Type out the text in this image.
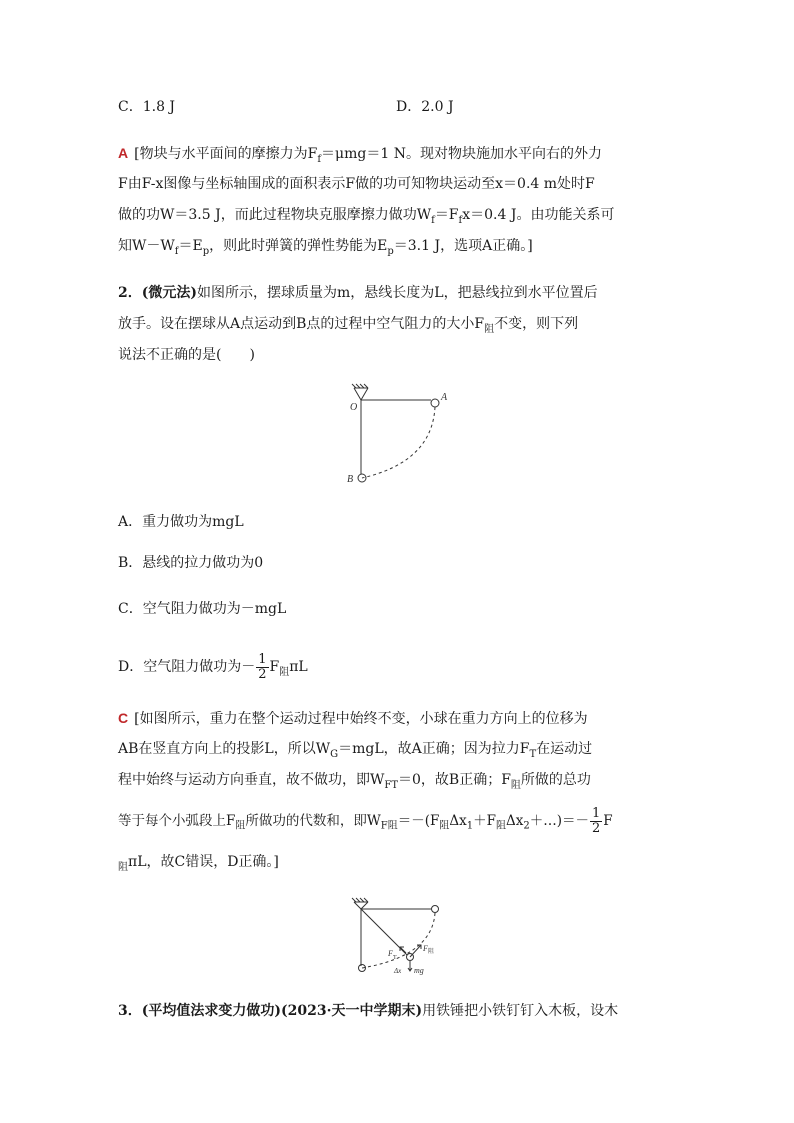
C．1.8 J	D．2.0 J
A [物块与水平面间的摩擦力为$F_f=\mu mg=1$ N。现对物块施加水平向右的外力
F由F-x图像与坐标轴围成的面积表示F做的功可知物块运动至x＝0.4 m处时F
做的功W＝3.5 J，而此过程物块克服摩擦力做功$W_f=F_fx=0.4$ J。由功能关系可
知$W-W_f=E_p$，则此时弹簧的弹性势能为$E_p=3.1$ J，选项A正确。]
2．(微元法)如图所示，摆球质量为m，悬线长度为L，把悬线拉到水平位置后
放手。设在摆球从A点运动到B点的过程中空气阻力的大小$F_阻$不变，则下列
说法不正确的是(　　)
O
A
B
A．重力做功为mgL
B．悬线的拉力做功为0
C．空气阻力做功为－mgL
D．空气阻力做功为－ $\frac{1}{2} F_阻\pi L$
C [如图所示，重力在整个运动过程中始终不变，小球在重力方向上的位移为
AB在竖直方向上的投影L，所以$W_G=mgL$，故A正确；因为拉力$F_T$在运动过
程中始终与运动方向垂直，故不做功，即$W_{FT}=0$，故B正确；$F_阻$所做的总功
等于每个小弧段上$F_阻$所做功的代数和，即$W_{F阻}=-(F_阻\Delta x_1+F_阻\Delta x_2+\dots)=- \frac{1}{2}$ F
$_阻$πL，故C错误，D正确。]
F T
F 阻
Δx mg
3．(平均值法求变力做功)(2023·天一中学期末)用铁锤把小铁钉钉入木板，设木
